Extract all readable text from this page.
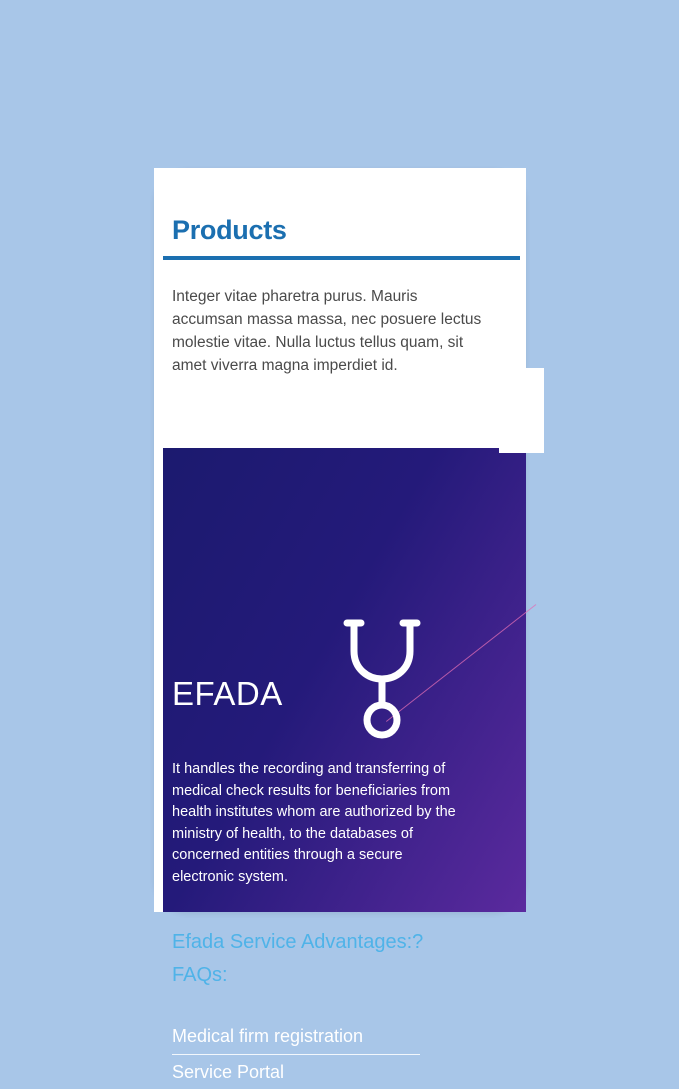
EFADA
It handles the recording and transferring of medical check results for beneficiaries from health institutes whom are authorized by the ministry of health, to the databases of concerned entities through a secure electronic system.
Efada Service Advantages:?
FAQs:
Medical firm registration
Service Portal
Products
Integer vitae pharetra purus. Mauris accumsan massa massa, nec posuere lectus molestie vitae. Nulla luctus tellus quam, sit amet viverra magna imperdiet id.
